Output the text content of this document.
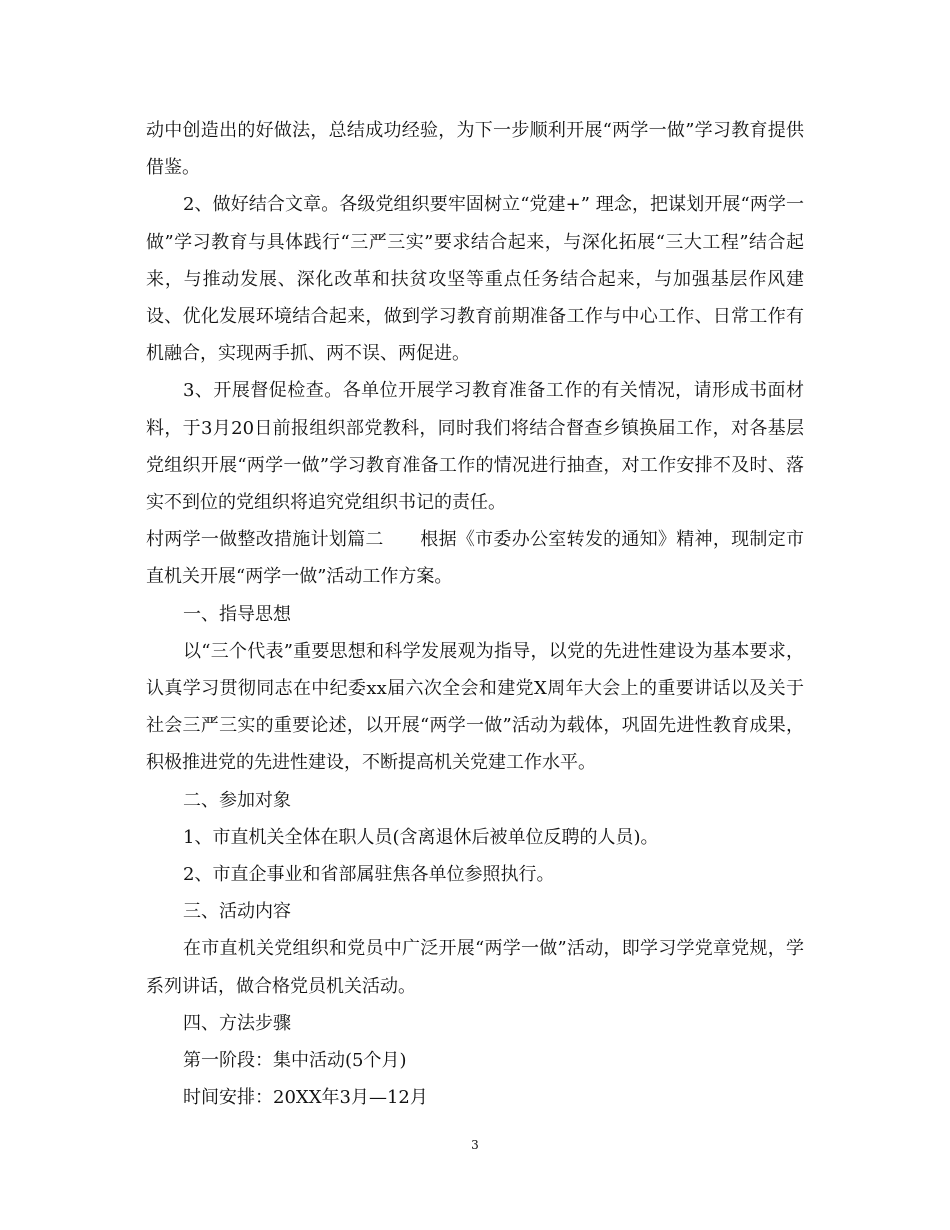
动中创造出的好做法，总结成功经验，为下一步顺利开展“两学一做”学习教育提供借鉴。

2、做好结合文章。各级党组织要牢固树立“党建+” 理念，把谋划开展“两学一做”学习教育与具体践行“三严三实”要求结合起来，与深化拓展“三大工程”结合起来，与推动发展、深化改革和扶贫攻坚等重点任务结合起来，与加强基层作风建设、优化发展环境结合起来，做到学习教育前期准备工作与中心工作、日常工作有机融合，实现两手抓、两不误、两促进。

3、开展督促检查。各单位开展学习教育准备工作的有关情况，请形成书面材料，于3月20日前报组织部党教科，同时我们将结合督查乡镇换届工作，对各基层党组织开展“两学一做”学习教育准备工作的情况进行抽查，对工作安排不及时、落实不到位的党组织将追究党组织书记的责任。

村两学一做整改措施计划篇二　　根据《市委办公室转发的通知》精神，现制定市直机关开展“两学一做”活动工作方案。

一、指导思想

以“三个代表”重要思想和科学发展观为指导，以党的先进性建设为基本要求，认真学习贯彻同志在中纪委xx届六次全会和建党X周年大会上的重要讲话以及关于社会三严三实的重要论述，以开展“两学一做”活动为载体，巩固先进性教育成果，积极推进党的先进性建设，不断提高机关党建工作水平。

二、参加对象

1、市直机关全体在职人员(含离退休后被单位反聘的人员)。

2、市直企事业和省部属驻焦各单位参照执行。

三、活动内容

在市直机关党组织和党员中广泛开展“两学一做”活动，即学习学党章党规，学系列讲话，做合格党员机关活动。

四、方法步骤

第一阶段：集中活动(5个月)

时间安排：20XX年3月—12月

3
